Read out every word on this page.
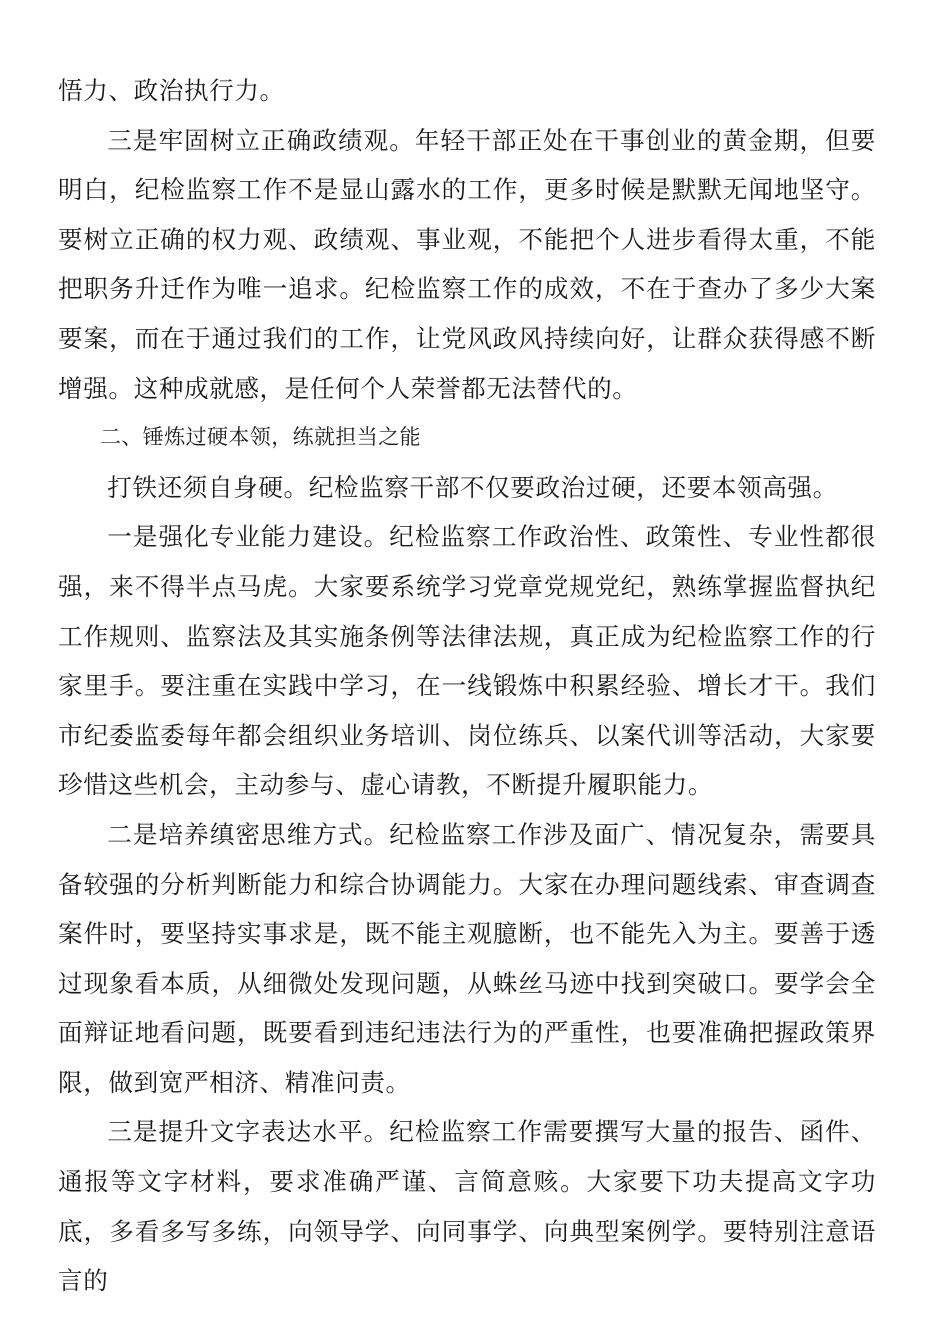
悟力、政治执行力。

三是牢固树立正确政绩观。年轻干部正处在干事创业的黄金期，但要明白，纪检监察工作不是显山露水的工作，更多时候是默默无闻地坚守。要树立正确的权力观、政绩观、事业观，不能把个人进步看得太重，不能把职务升迁作为唯一追求。纪检监察工作的成效，不在于查办了多少大案要案，而在于通过我们的工作，让党风政风持续向好，让群众获得感不断增强。这种成就感，是任何个人荣誉都无法替代的。

二、锤炼过硬本领，练就担当之能

打铁还须自身硬。纪检监察干部不仅要政治过硬，还要本领高强。

一是强化专业能力建设。纪检监察工作政治性、政策性、专业性都很强，来不得半点马虎。大家要系统学习党章党规党纪，熟练掌握监督执纪工作规则、监察法及其实施条例等法律法规，真正成为纪检监察工作的行家里手。要注重在实践中学习，在一线锻炼中积累经验、增长才干。我们市纪委监委每年都会组织业务培训、岗位练兵、以案代训等活动，大家要珍惜这些机会，主动参与、虚心请教，不断提升履职能力。

二是培养缜密思维方式。纪检监察工作涉及面广、情况复杂，需要具备较强的分析判断能力和综合协调能力。大家在办理问题线索、审查调查案件时，要坚持实事求是，既不能主观臆断，也不能先入为主。要善于透过现象看本质，从细微处发现问题，从蛛丝马迹中找到突破口。要学会全面辩证地看问题，既要看到违纪违法行为的严重性，也要准确把握政策界限，做到宽严相济、精准问责。

三是提升文字表达水平。纪检监察工作需要撰写大量的报告、函件、通报等文字材料，要求准确严谨、言简意赅。大家要下功夫提高文字功底，多看多写多练，向领导学、向同事学、向典型案例学。要特别注意语言的
